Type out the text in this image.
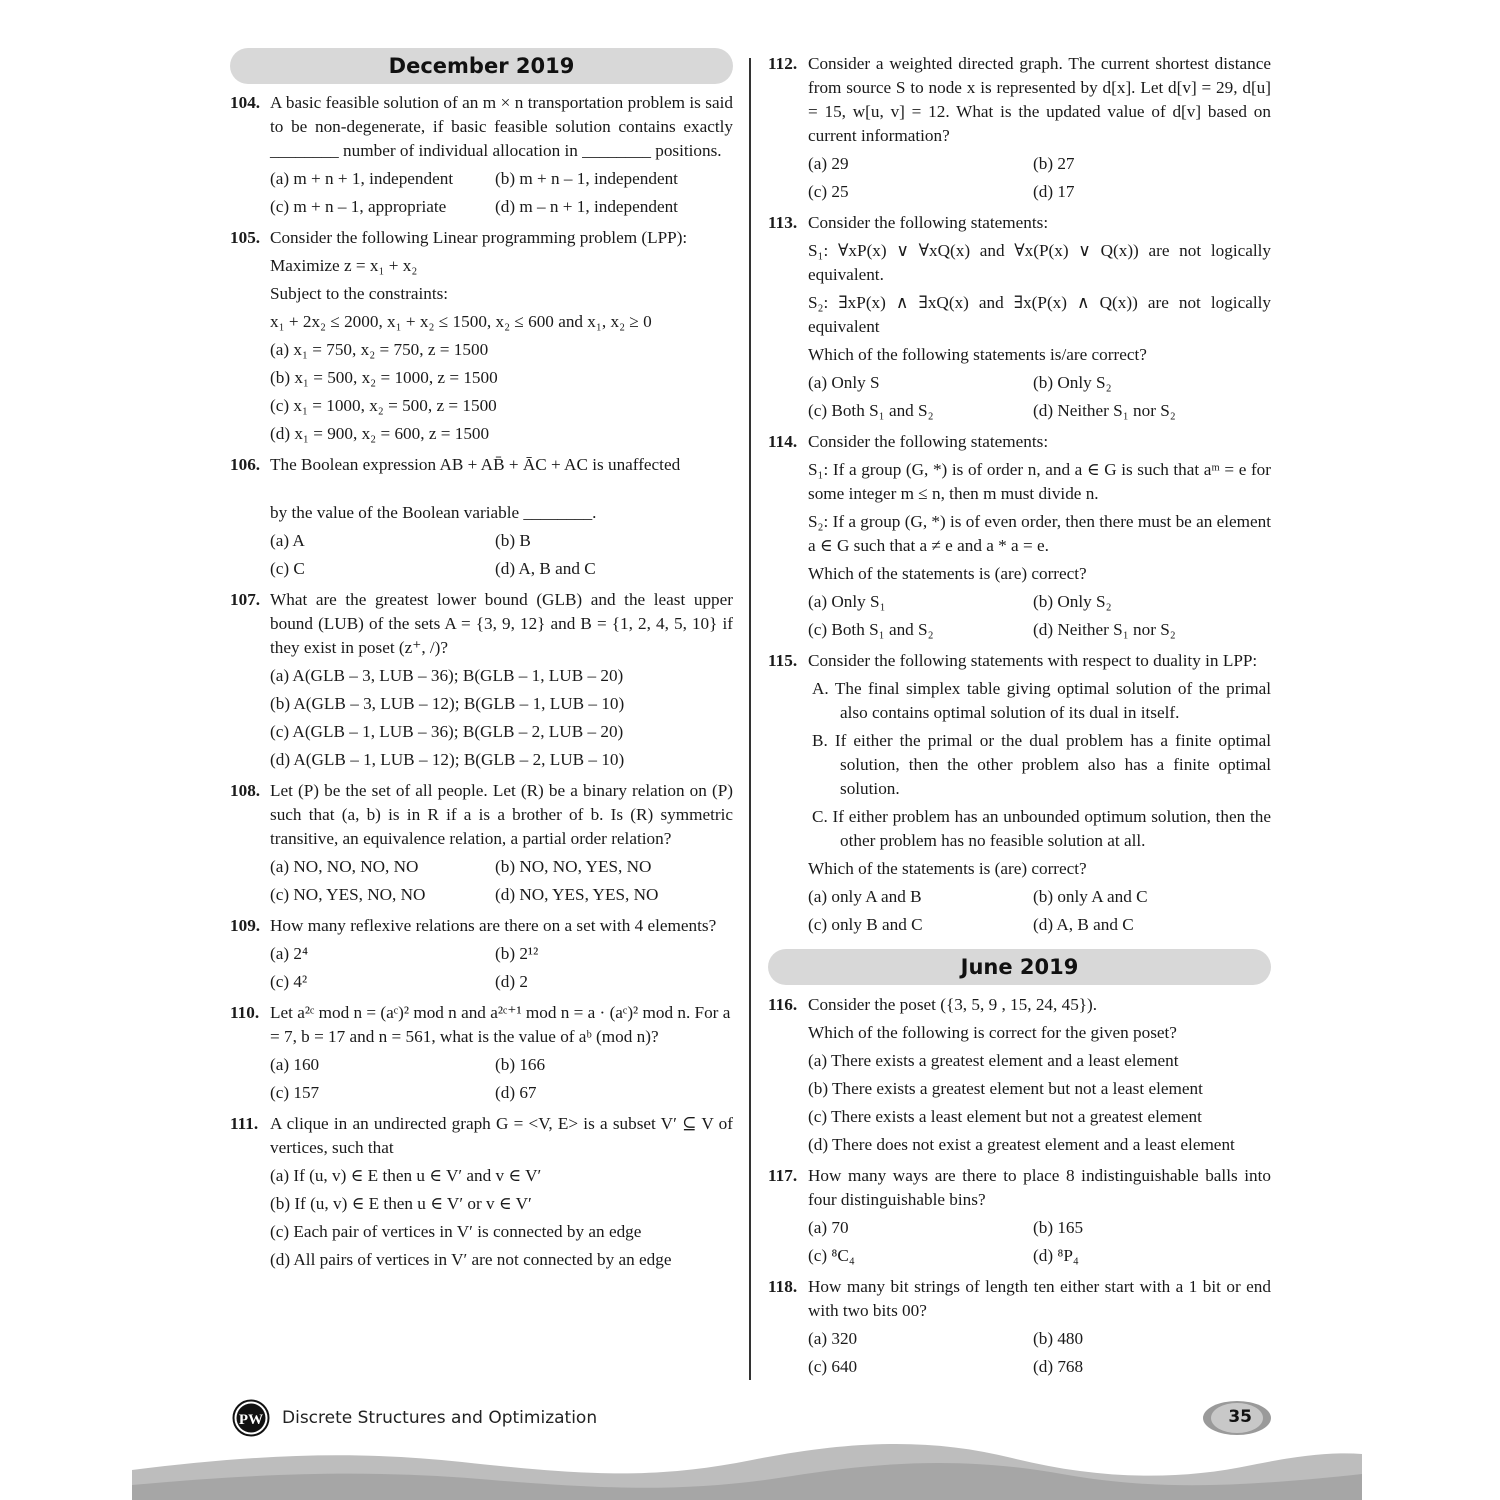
December 2019
104. A basic feasible solution of an m × n transportation problem is said to be non-degenerate, if basic feasible solution contains exactly ________ number of individual allocation in ________ positions.
(a) m + n + 1, independent	(b) m + n – 1, independent
(c) m + n – 1, appropriate	(d) m – n + 1, independent
105. Consider the following Linear programming problem (LPP):
Maximize z = x₁ + x₂
Subject to the constraints:
x₁ + 2x₂ ≤ 2000, x₁ + x₂ ≤ 1500, x₂ ≤ 600 and x₁, x₂ ≥ 0
(a) x₁ = 750, x₂ = 750, z = 1500
(b) x₁ = 500, x₂ = 1000, z = 1500
(c) x₁ = 1000, x₂ = 500, z = 1500
(d) x₁ = 900, x₂ = 600, z = 1500
106. The Boolean expression AB + AB̄ + ĀC + AC is unaffected
by the value of the Boolean variable ________.
(a) A	(b) B
(c) C	(d) A, B and C
107. What are the greatest lower bound (GLB) and the least upper bound (LUB) of the sets A = {3, 9, 12} and B = {1, 2, 4, 5, 10} if they exist in poset (z⁺, /)?
(a) A(GLB – 3, LUB – 36); B(GLB – 1, LUB – 20)
(b) A(GLB – 3, LUB – 12); B(GLB – 1, LUB – 10)
(c) A(GLB – 1, LUB – 36); B(GLB – 2, LUB – 20)
(d) A(GLB – 1, LUB – 12); B(GLB – 2, LUB – 10)
108. Let (P) be the set of all people. Let (R) be a binary relation on (P) such that (a, b) is in R if a is a brother of b. Is (R) symmetric transitive, an equivalence relation, a partial order relation?
(a) NO, NO, NO, NO	(b) NO, NO, YES, NO
(c) NO, YES, NO, NO	(d) NO, YES, YES, NO
109. How many reflexive relations are there on a set with 4 elements?
(a) 2⁴	(b) 2¹²
(c) 4²	(d) 2
110. Let a²ᶜ mod n = (aᶜ)² mod n and a²ᶜ⁺¹ mod n = a · (aᶜ)² mod n. For a = 7, b = 17 and n = 561, what is the value of aᵇ (mod n)?
(a) 160	(b) 166
(c) 157	(d) 67
111. A clique in an undirected graph G = <V, E> is a subset V′ ⊆ V of vertices, such that
(a) If (u, v) ∈ E then u ∈ V′ and v ∈ V′
(b) If (u, v) ∈ E then u ∈ V′ or v ∈ V′
(c) Each pair of vertices in V′ is connected by an edge
(d) All pairs of vertices in V′ are not connected by an edge
112. Consider a weighted directed graph. The current shortest distance from source S to node x is represented by d[x]. Let d[v] = 29, d[u] = 15, w[u, v] = 12. What is the updated value of d[v] based on current information?
(a) 29	(b) 27
(c) 25	(d) 17
113. Consider the following statements:
S₁: ∀xP(x) ∨ ∀xQ(x) and ∀x(P(x) ∨ Q(x)) are not logically equivalent.
S₂: ∃xP(x) ∧ ∃xQ(x) and ∃x(P(x) ∧ Q(x)) are not logically equivalent
Which of the following statements is/are correct?
(a) Only S	(b) Only S₂
(c) Both S₁ and S₂	(d) Neither S₁ nor S₂
114. Consider the following statements:
S₁: If a group (G, *) is of order n, and a ∈ G is such that aᵐ = e for some integer m ≤ n, then m must divide n.
S₂: If a group (G, *) is of even order, then there must be an element a ∈ G such that a ≠ e and a * a = e.
Which of the statements is (are) correct?
(a) Only S₁	(b) Only S₂
(c) Both S₁ and S₂	(d) Neither S₁ nor S₂
115. Consider the following statements with respect to duality in LPP:
A. The final simplex table giving optimal solution of the primal also contains optimal solution of its dual in itself.
B. If either the primal or the dual problem has a finite optimal solution, then the other problem also has a finite optimal solution.
C. If either problem has an unbounded optimum solution, then the other problem has no feasible solution at all.
Which of the statements is (are) correct?
(a) only A and B	(b) only A and C
(c) only B and C	(d) A, B and C
June 2019
116. Consider the poset ({3, 5, 9 , 15, 24, 45}).
Which of the following is correct for the given poset?
(a) There exists a greatest element and a least element
(b) There exists a greatest element but not a least element
(c) There exists a least element but not a greatest element
(d) There does not exist a greatest element and a least element
117. How many ways are there to place 8 indistinguishable balls into four distinguishable bins?
(a) 70	(b) 165
(c) ⁸C₄	(d) ⁸P₄
118. How many bit strings of length ten either start with a 1 bit or end with two bits 00?
(a) 320	(b) 480
(c) 640	(d) 768
PW Discrete Structures and Optimization	35
